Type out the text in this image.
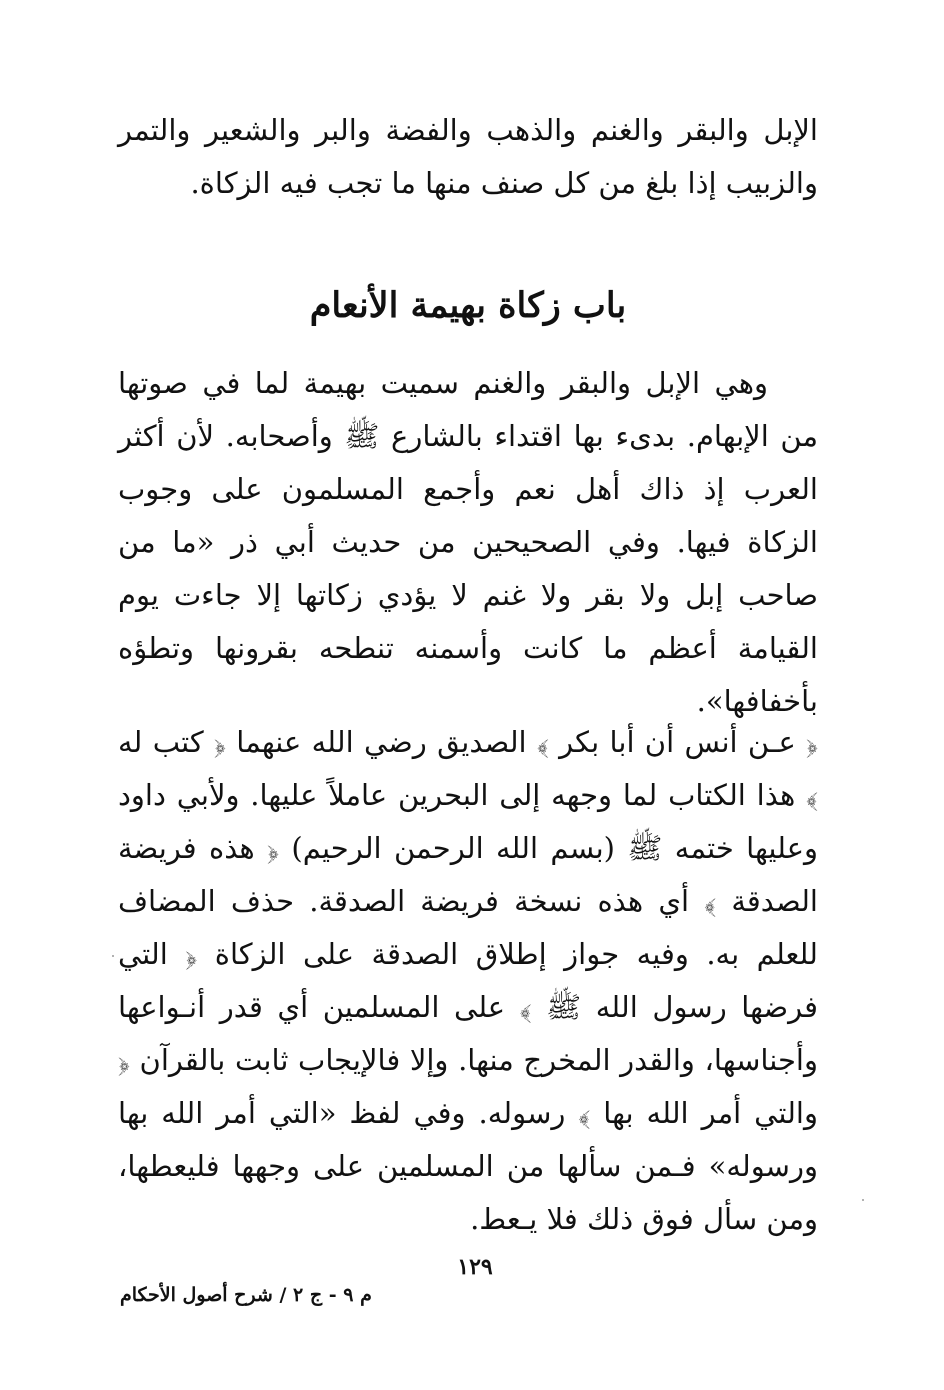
الإبل والبقر والغنم والذهب والفضة والبر والشعير والتمر والزبيب إذا بلغ من كل صنف منها ما تجب فيه الزكاة.

باب زكاة بهيمة الأنعام

وهي الإبل والبقر والغنم سميت بهيمة لما في صوتها من الإبهام. بدىء بها اقتداء بالشارع ﷺ وأصحابه. لأن أكثر العرب إذ ذاك أهل نعم وأجمع المسلمون على وجوب الزكاة فيها. وفي الصحيحين من حديث أبي ذر «ما من صاحب إبل ولا بقر ولا غنم لا يؤدي زكاتها إلا جاءت يوم القيامة أعظم ما كانت وأسمنه تنطحه بقرونها وتطؤه بأخفافها».

﴿ عـن أنس أن أبا بكر ﴾ الصديق رضي الله عنهما ﴿ كتب له ﴾ هذا الكتاب لما وجهه إلى البحرين عاملاً عليها. ولأبي داود وعليها ختمه ﷺ (بسم الله الرحمن الرحيم) ﴿ هذه فريضة الصدقة ﴾ أي هذه نسخة فريضة الصدقة. حذف المضاف للعلم به. وفيه جواز إطلاق الصدقة على الزكاة ﴿ التي فرضها رسول الله ﷺ ﴾ على المسلمين أي قدر أنـواعها وأجناسها، والقدر المخرج منها. وإلا فالإيجاب ثابت بالقرآن ﴿ والتي أمر الله بها ﴾ رسوله. وفي لفظ «التي أمر الله بها ورسوله» فـمن سألها من المسلمين على وجهها فليعطها، ومن سأل فوق ذلك فلا يـعط.

١٢٩
م ٩ - ج ٢ / شرح أصول الأحكام
